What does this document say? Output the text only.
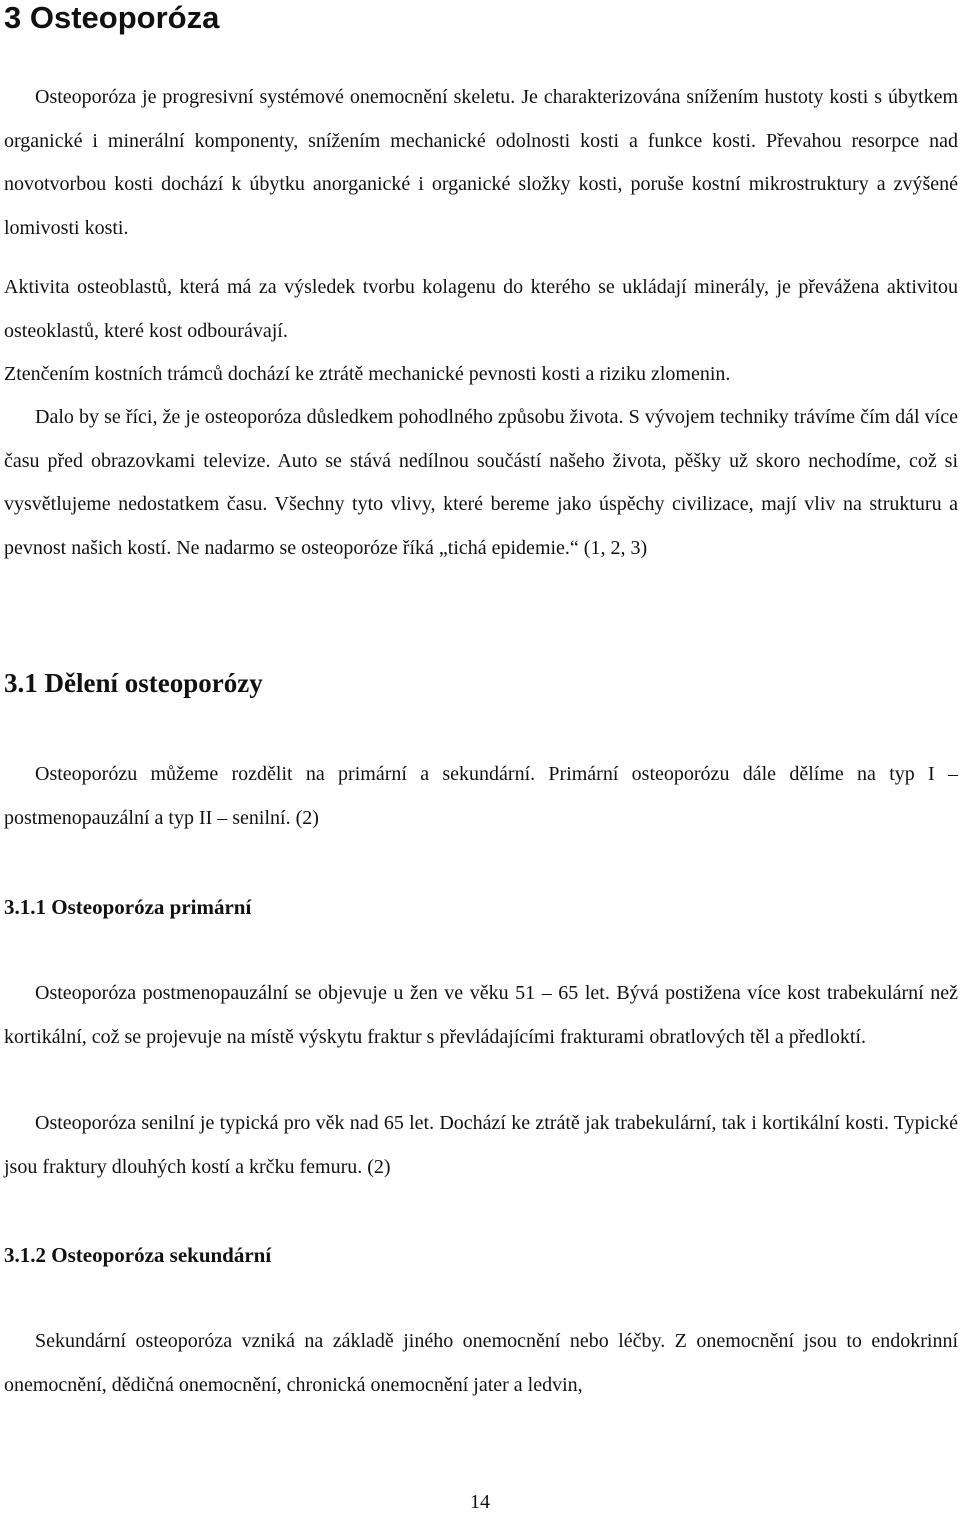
3 Osteoporóza

Osteoporóza je progresivní systémové onemocnění skeletu. Je charakterizována snížením hustoty kosti s úbytkem organické i minerální komponenty, snížením mechanické odolnosti kosti a funkce kosti. Převahou resorpce nad novotvorbou kosti dochází k úbytku anorganické i organické složky kosti, poruše kostní mikrostruktury a zvýšené lomivosti kosti.

Aktivita osteoblastů, která má za výsledek tvorbu kolagenu do kterého se ukládají minerály, je převážena aktivitou osteoklastů, které kost odbourávají.

Ztenčením kostních trámců dochází ke ztrátě mechanické pevnosti kosti a riziku zlomenin.

Dalo by se říci, že je osteoporóza důsledkem pohodlného způsobu života. S vývojem techniky trávíme čím dál více času před obrazovkami televize. Auto se stává nedílnou součástí našeho života, pěšky už skoro nechodíme, což si vysvětlujeme nedostatkem času. Všechny tyto vlivy, které bereme jako úspěchy civilizace, mají vliv na strukturu a pevnost našich kostí. Ne nadarmo se osteoporóze říká „tichá epidemie.“ (1, 2, 3)

3.1 Dělení osteoporózy

Osteoporózu můžeme rozdělit na primární a sekundární. Primární osteoporózu dále dělíme na typ I – postmenopauzální a typ II – senilní. (2)

3.1.1 Osteoporóza primární

Osteoporóza postmenopauzální se objevuje u žen ve věku 51 – 65 let. Bývá postižena více kost trabekulární než kortikální, což se projevuje na místě výskytu fraktur s převládajícími frakturami obratlových těl a předloktí.

Osteoporóza senilní je typická pro věk nad 65 let. Dochází ke ztrátě jak trabekulární, tak i kortikální kosti. Typické jsou fraktury dlouhých kostí a krčku femuru. (2)

3.1.2 Osteoporóza sekundární

Sekundární osteoporóza vzniká na základě jiného onemocnění nebo léčby. Z onemocnění jsou to endokrinní onemocnění, dědičná onemocnění, chronická onemocnění jater a ledvin,

14
